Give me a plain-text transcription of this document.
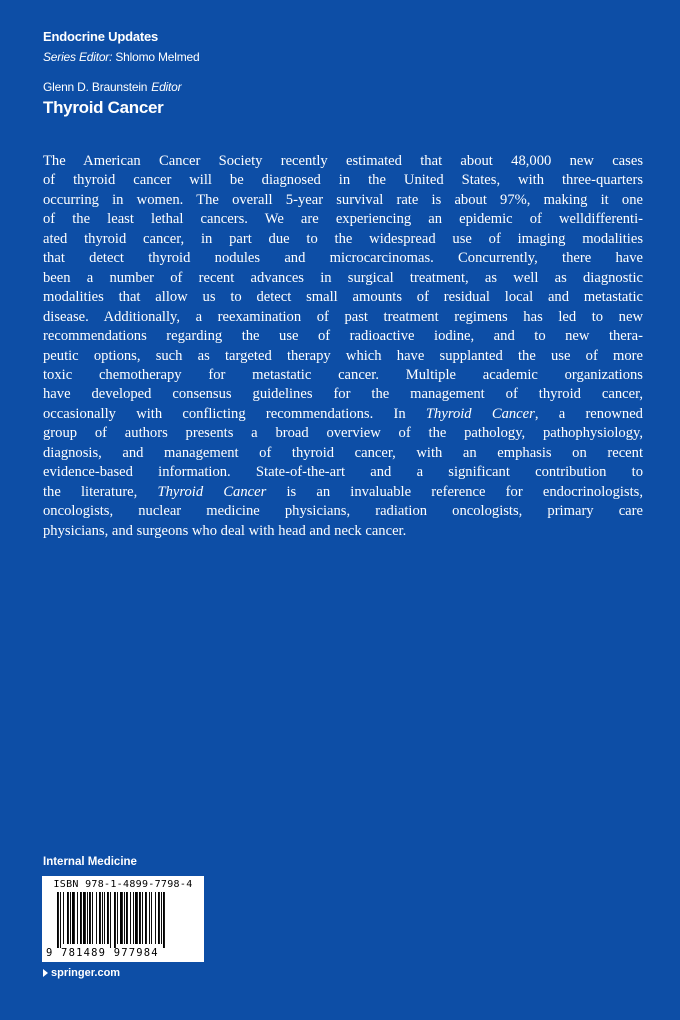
Endocrine Updates
Series Editor: Shlomo Melmed
Glenn D. Braunstein Editor
Thyroid Cancer

The American Cancer Society recently estimated that about 48,000 new cases
of thyroid cancer will be diagnosed in the United States, with three-quarters
occurring in women. The overall 5-year survival rate is about 97%, making it one
of the least lethal cancers. We are experiencing an epidemic of welldifferenti-
ated thyroid cancer, in part due to the widespread use of imaging modalities
that detect thyroid nodules and microcarcinomas. Concurrently, there have
been a number of recent advances in surgical treatment, as well as diagnostic
modalities that allow us to detect small amounts of residual local and metastatic
disease. Additionally, a reexamination of past treatment regimens has led to new
recommendations regarding the use of radioactive iodine, and to new thera-
peutic options, such as targeted therapy which have supplanted the use of more
toxic chemotherapy for metastatic cancer. Multiple academic organizations
have developed consensus guidelines for the management of thyroid cancer,
occasionally with conflicting recommendations. In Thyroid Cancer, a renowned
group of authors presents a broad overview of the pathology, pathophysiology,
diagnosis, and management of thyroid cancer, with an emphasis on recent
evidence-based information. State-of-the-art and a significant contribution to
the literature, Thyroid Cancer is an invaluable reference for endocrinologists,
oncologists, nuclear medicine physicians, radiation oncologists, primary care
physicians, and surgeons who deal with head and neck cancer.

Internal Medicine
ISBN 978-1-4899-7798-4
9 781489 977984
springer.com
